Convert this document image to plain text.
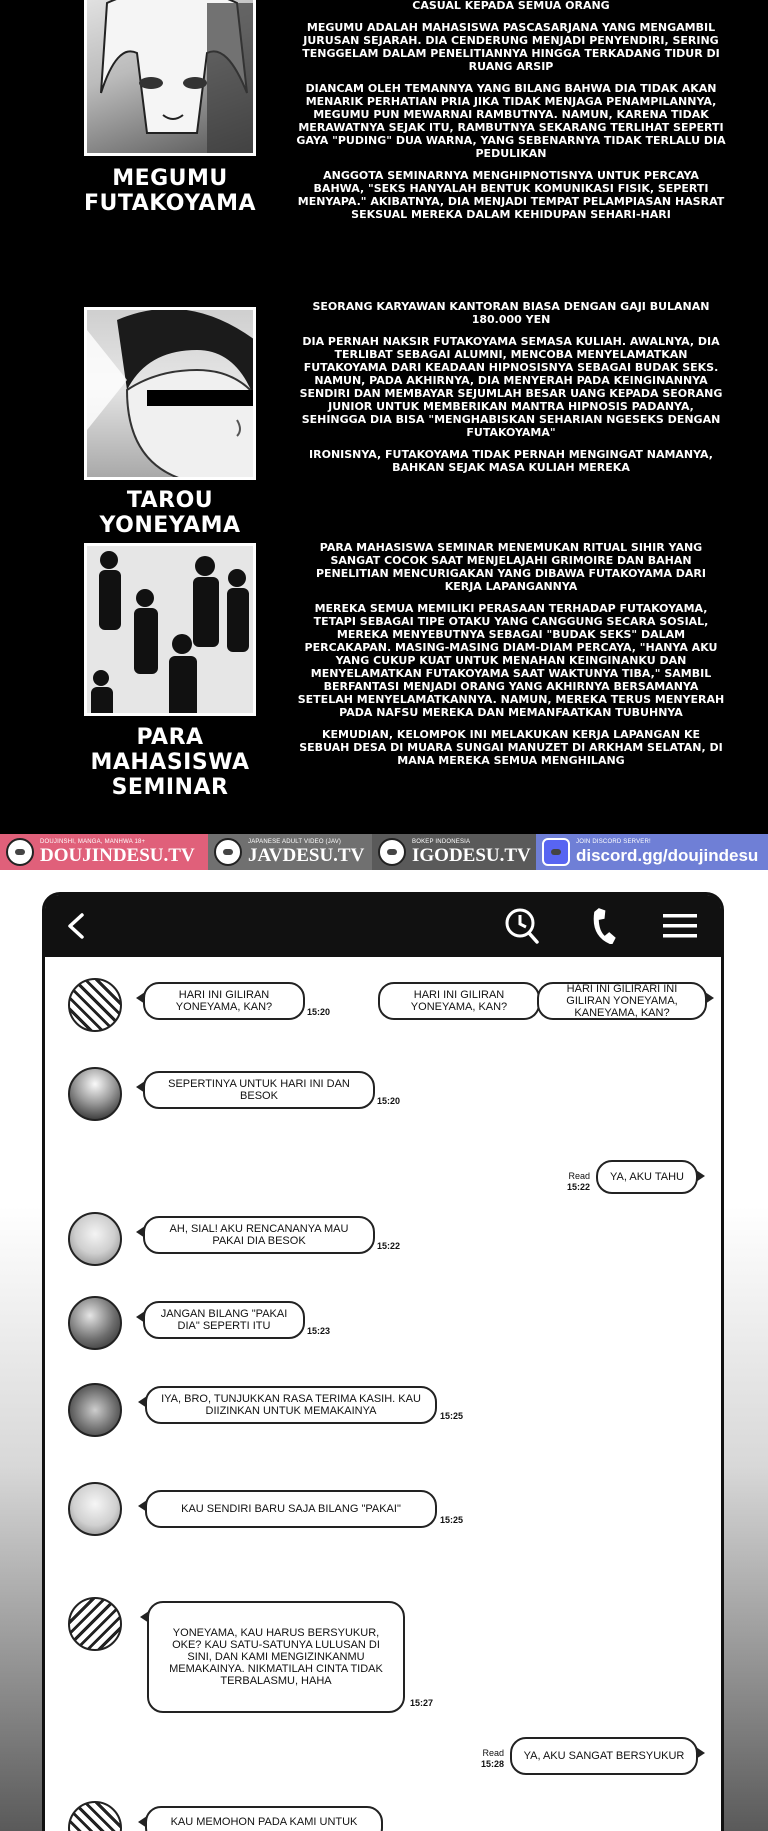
MEGUMU
FUTAKOYAMA

CASUAL KEPADA SEMUA ORANG

MEGUMU ADALAH MAHASISWA PASCASARJANA YANG MENGAMBIL JURUSAN SEJARAH. DIA CENDERUNG MENJADI PENYENDIRI, SERING TENGGELAM DALAM PENELITIANNYA HINGGA TERKADANG TIDUR DI RUANG ARSIP

DIANCAM OLEH TEMANNYA YANG BILANG BAHWA DIA TIDAK AKAN MENARIK PERHATIAN PRIA JIKA TIDAK MENJAGA PENAMPILANNYA, MEGUMU PUN MEWARNAI RAMBUTNYA. NAMUN, KARENA TIDAK MERAWATNYA SEJAK ITU, RAMBUTNYA SEKARANG TERLIHAT SEPERTI GAYA "PUDING" DUA WARNA, YANG SEBENARNYA TIDAK TERLALU DIA PEDULIKAN

ANGGOTA SEMINARNYA MENGHIPNOTISNYA UNTUK PERCAYA BAHWA, "SEKS HANYALAH BENTUK KOMUNIKASI FISIK, SEPERTI MENYAPA." AKIBATNYA, DIA MENJADI TEMPAT PELAMPIASAN HASRAT SEKSUAL MEREKA DALAM KEHIDUPAN SEHARI-HARI

TAROU
YONEYAMA

SEORANG KARYAWAN KANTORAN BIASA DENGAN GAJI BULANAN 180.000 YEN

DIA PERNAH NAKSIR FUTAKOYAMA SEMASA KULIAH. AWALNYA, DIA TERLIBAT SEBAGAI ALUMNI, MENCOBA MENYELAMATKAN FUTAKOYAMA DARI KEADAAN HIPNOSISNYA SEBAGAI BUDAK SEKS. NAMUN, PADA AKHIRNYA, DIA MENYERAH PADA KEINGINANNYA SENDIRI DAN MEMBAYAR SEJUMLAH BESAR UANG KEPADA SEORANG JUNIOR UNTUK MEMBERIKAN MANTRA HIPNOSIS PADANYA, SEHINGGA DIA BISA "MENGHABISKAN SEHARIAN NGESEKS DENGAN FUTAKOYAMA"

IRONISNYA, FUTAKOYAMA TIDAK PERNAH MENGINGAT NAMANYA, BAHKAN SEJAK MASA KULIAH MEREKA

PARA
MAHASISWA
SEMINAR

PARA MAHASISWA SEMINAR MENEMUKAN RITUAL SIHIR YANG SANGAT COCOK SAAT MENJELAJAHI GRIMOIRE DAN BAHAN PENELITIAN MENCURIGAKAN YANG DIBAWA FUTAKOYAMA DARI KERJA LAPANGANNYA

MEREKA SEMUA MEMILIKI PERASAAN TERHADAP FUTAKOYAMA, TETAPI SEBAGAI TIPE OTAKU YANG CANGGUNG SECARA SOSIAL, MEREKA MENYEBUTNYA SEBAGAI "BUDAK SEKS" DALAM PERCAKAPAN. MASING-MASING DIAM-DIAM PERCAYA, "HANYA AKU YANG CUKUP KUAT UNTUK MENAHAN KEINGINANKU DAN MENYELAMATKAN FUTAKOYAMA SAAT WAKTUNYA TIBA," SAMBIL BERFANTASI MENJADI ORANG YANG AKHIRNYA BERSAMANYA SETELAH MENYELAMATKANNYA. NAMUN, MEREKA TERUS MENYERAH PADA NAFSU MEREKA DAN MEMANFAATKAN TUBUHNYA

KEMUDIAN, KELOMPOK INI MELAKUKAN KERJA LAPANGAN KE SEBUAH DESA DI MUARA SUNGAI MANUZET DI ARKHAM SELATAN, DI MANA MEREKA SEMUA MENGHILANG

DOUJINSHI, MANGA, MANHWA 18+
DOUJINDESU.TV
JAPANESE ADULT VIDEO (JAV)
JAVDESU.TV
BOKEP INDONESIA
IGODESU.TV
JOIN DISCORD SERVER!
discord.gg/doujindesu
HARI INI GILIRAN YONEYAMA, KAN?	15:20
HARI INI GILIRAN YONEYAMA, KAN?
HARI INI GILIRARI INI GILIRAN YONEYAMA, KANEYAMA, KAN?
SEPERTINYA UNTUK HARI INI DAN BESOK	15:20
Read
15:22
YA, AKU TAHU
AH, SIAL! AKU RENCANANYA MAU PAKAI DIA BESOK	15:22
JANGAN BILANG "PAKAI DIA" SEPERTI ITU	15:23
IYA, BRO, TUNJUKKAN RASA TERIMA KASIH. KAU DIIZINKAN UNTUK MEMAKAINYA	15:25
KAU SENDIRI BARU SAJA BILANG "PAKAI"
15:25
YONEYAMA, KAU HARUS BERSYUKUR, OKE? KAU SATU-SATUNYA LULUSAN DI SINI, DAN KAMI MENGIZINKANMU MEMAKAINYA. NIKMATILAH CINTA TIDAK TERBALASMU, HAHA
15:27
Read
15:28
YA, AKU SANGAT BERSYUKUR
KAU MEMOHON PADA KAMI UNTUK
